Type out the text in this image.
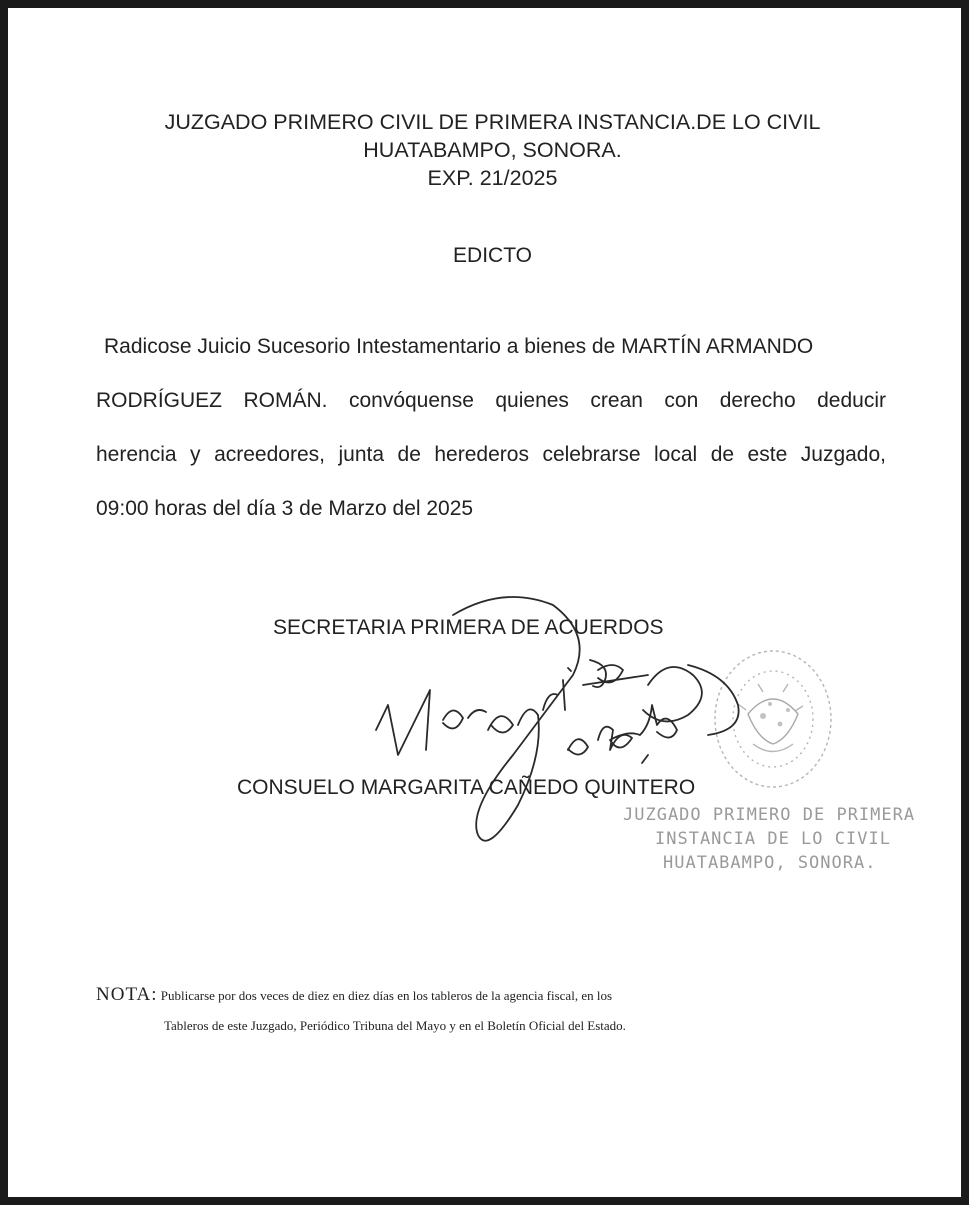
JUZGADO PRIMERO CIVIL DE PRIMERA INSTANCIA.DE LO CIVIL
HUATABAMPO, SONORA.
EXP. 21/2025
EDICTO
Radicose Juicio Sucesorio Intestamentario a bienes de MARTÍN ARMANDO
RODRÍGUEZ ROMÁN. convóquense quienes crean con derecho deducir
herencia y acreedores, junta de herederos celebrarse local de este Juzgado,
09:00 horas del día 3 de Marzo del 2025
SECRETARIA PRIMERA DE ACUERDOS
CONSUELO MARGARITA CAÑEDO QUINTERO
JUZGADO PRIMERO DE PRIMERA
INSTANCIA DE LO CIVIL
HUATABAMPO, SONORA.
NOTA: Publicarse por dos veces de diez en diez días en los tableros de la agencia fiscal, en los
Tableros de este Juzgado, Periódico Tribuna del Mayo y en el Boletín Oficial del Estado.
